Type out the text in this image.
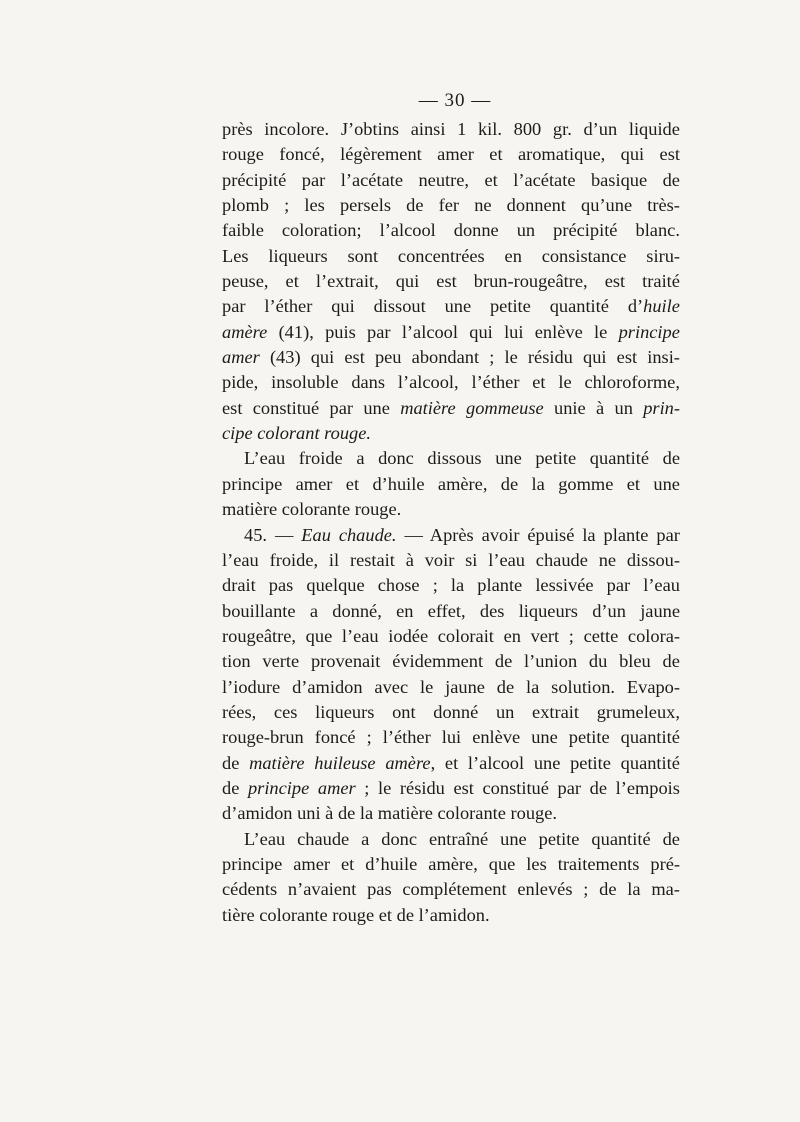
— 30 —
près incolore. J’obtins ainsi 1 kil. 800 gr. d’un liquide
rouge foncé, légèrement amer et aromatique, qui est
précipité par l’acétate neutre, et l’acétate basique de
plomb ; les persels de fer ne donnent qu’une très-
faible coloration; l’alcool donne un précipité blanc.
Les liqueurs sont concentrées en consistance siru-
peuse, et l’extrait, qui est brun-rougeâtre, est traité
par l’éther qui dissout une petite quantité d’huile
amère (41), puis par l’alcool qui lui enlève le principe
amer (43) qui est peu abondant ; le résidu qui est insi-
pide, insoluble dans l’alcool, l’éther et le chloroforme,
est constitué par une matière gommeuse unie à un prin-
cipe colorant rouge.
L’eau froide a donc dissous une petite quantité de
principe amer et d’huile amère, de la gomme et une
matière colorante rouge.
45. — Eau chaude. — Après avoir épuisé la plante par
l’eau froide, il restait à voir si l’eau chaude ne dissou-
drait pas quelque chose ; la plante lessivée par l’eau
bouillante a donné, en effet, des liqueurs d’un jaune
rougeâtre, que l’eau iodée colorait en vert ; cette colora-
tion verte provenait évidemment de l’union du bleu de
l’iodure d’amidon avec le jaune de la solution. Evapo-
rées, ces liqueurs ont donné un extrait grumeleux,
rouge-brun foncé ; l’éther lui enlève une petite quantité
de matière huileuse amère, et l’alcool une petite quantité
de principe amer ; le résidu est constitué par de l’empois
d’amidon uni à de la matière colorante rouge.
L’eau chaude a donc entraîné une petite quantité de
principe amer et d’huile amère, que les traitements pré-
cédents n’avaient pas complétement enlevés ; de la ma-
tière colorante rouge et de l’amidon.
